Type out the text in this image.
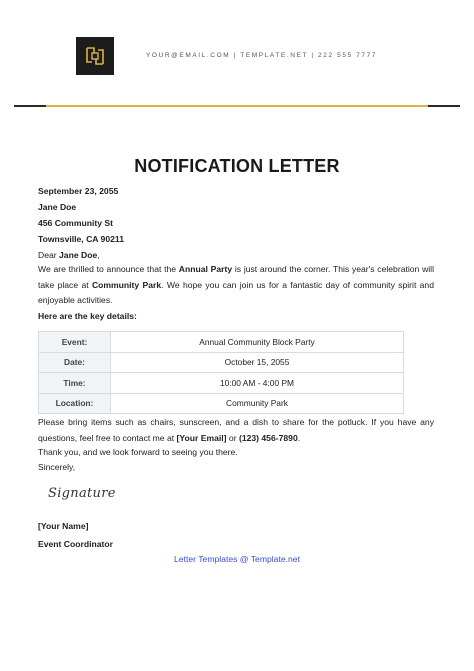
YOUR@EMAIL.COM | TEMPLATE.NET | 222 555 7777
NOTIFICATION LETTER
September 23, 2055
Jane Doe
456 Community St
Townsville, CA 90211
Dear Jane Doe,
We are thrilled to announce that the Annual Party is just around the corner. This year's celebration will take place at Community Park. We hope you can join us for a fantastic day of community spirit and enjoyable activities.
Here are the key details:
Event:	Annual Community Block Party
Date:	October 15, 2055
Time:	10:00 AM - 4:00 PM
Location:	Community Park
Please bring items such as chairs, sunscreen, and a dish to share for the potluck. If you have any questions, feel free to contact me at [Your Email] or (123) 456-7890.
Thank you, and we look forward to seeing you there.
Sincerely,
Signature
[Your Name]
Event Coordinator
Letter Templates @ Template.net
